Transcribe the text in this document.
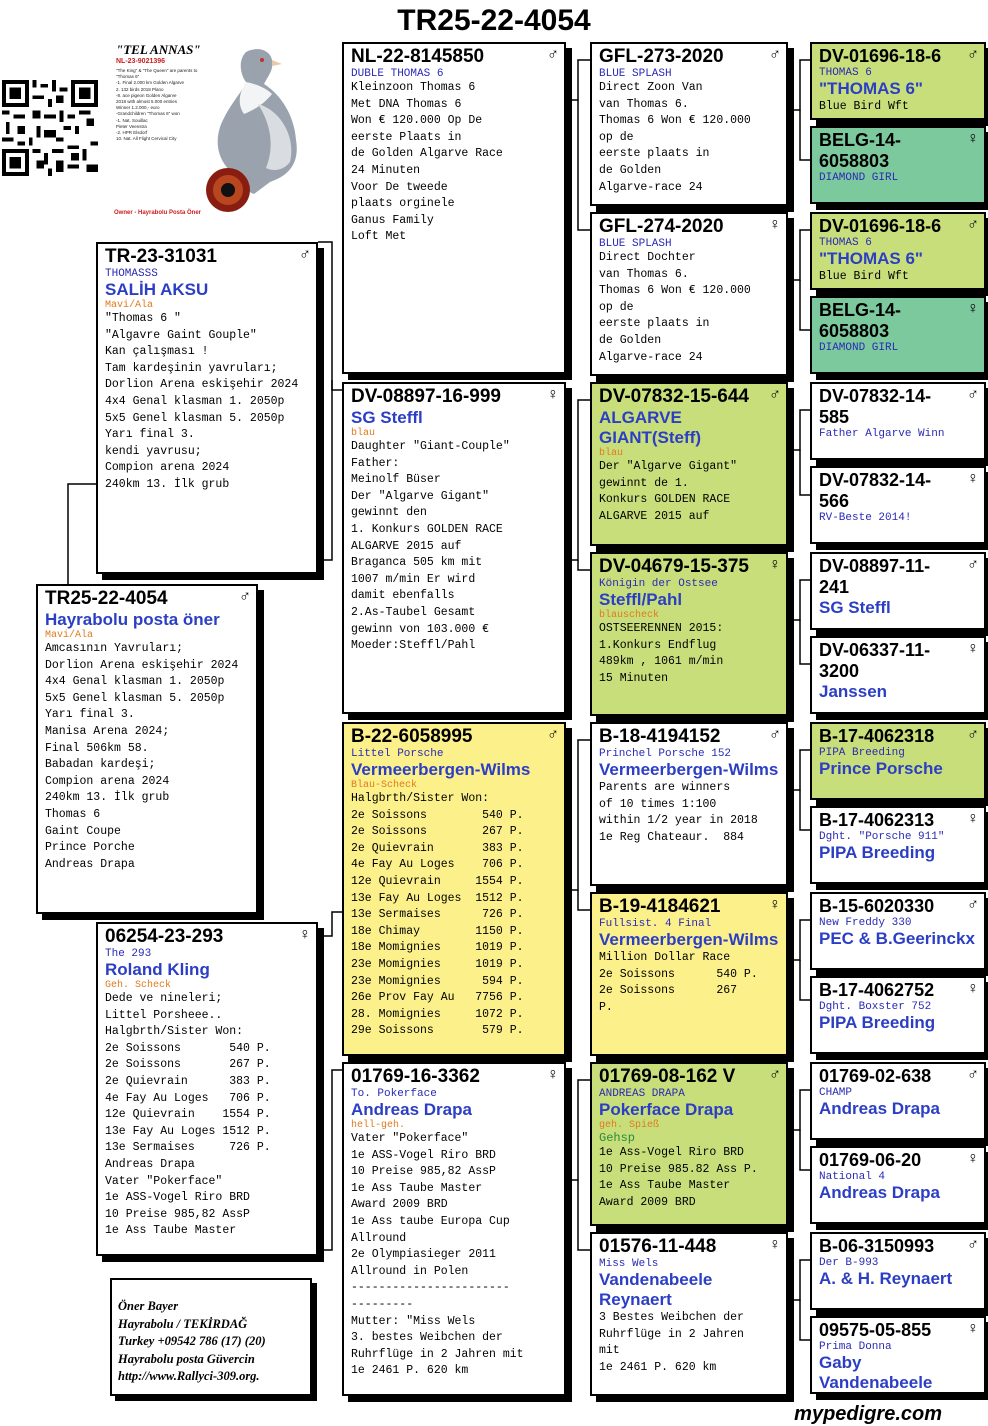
TR25-22-4054
"TEL ANNAS"
NL-23-9021396
"The King" & "The Queen" are parents to "Thomas 6"
-1. Final 2.000 km Golden Algarve
2. 132 birds 2018 Plano
-8. ace pigeon Golden Algarve
2018 with almost 5.000 entries
Winner 1.2.000,- euro
-Grandchildren "Thomas 6" won
-1. Nat. Souillac
Pieter Veenstra
-2. HPR Elsdorf
10. Nat. All Flight Cervical City
Owner - Hayrabolu Posta Öner
TR25-22-4054	♂
Hayrabolu posta öner
Mavi/Ala
Amcasının Yavruları;
Dorlion Arena eskişehir 2024
4x4 Genal klasman 1. 2050p
5x5 Genel klasman 5. 2050p
Yarı final 3.
Manisa Arena 2024;
Final 506km 58.
Babadan kardeşi;
Compion arena 2024
240km 13. İlk grub
Thomas 6
Gaint Coupe
Prince Porche
Andreas Drapa
TR-23-31031	♂
THOMASSS
SALİH AKSU
Mavi/Ala
"Thomas 6 "
"Algavre Gaint Gouple"
Kan çalışması !
Tam kardeşinin yavruları;
Dorlion Arena eskişehir 2024
4x4 Genal klasman 1. 2050p
5x5 Genel klasman 5. 2050p
Yarı final 3.
kendi yavrusu;
Compion arena 2024
240km 13. İlk grub
06254-23-293	♀
The 293
Roland Kling
Geh. Scheck
Dede ve nineleri;
Littel Porsheee..
Halgbrth/Sister Won:
2e Soissons       540 P.
2e Soissons       267 P.
2e Quievrain      383 P.
4e Fay Au Loges   706 P.
12e Quievrain    1554 P.
13e Fay Au Loges 1512 P.
13e Sermaises     726 P.
Andreas Drapa
Vater "Pokerface"
1e ASS-Vogel Riro BRD
10 Preise 985,82 AssP
1e Ass Taube Master
NL-22-8145850	♂
DUBLE THOMAS 6
Kleinzoon Thomas 6
Met DNA Thomas 6
Won € 120.000 Op De
eerste Plaats in
de Golden Algarve Race
24 Minuten
Voor De tweede
plaats orginele
Ganus Family
Loft Met
DV-08897-16-999	♀
SG Steffl
blau
Daughter "Giant-Couple"
Father:
Meinolf Büser
Der "Algarve Gigant"
gewinnt den
1. Konkurs GOLDEN RACE
ALGARVE 2015 auf
Braganca 505 km mit
1007 m/min Er wird
damit ebenfalls
2.As-Taubel Gesamt
gewinn von 103.000 €
Moeder:Steffl/Pahl
B-22-6058995	♂
Littel Porsche
Vermeerbergen-Wilms
Blau-Scheck
Halgbrth/Sister Won:
2e Soissons        540 P.
2e Soissons        267 P.
2e Quievrain       383 P.
4e Fay Au Loges    706 P.
12e Quievrain     1554 P.
13e Fay Au Loges  1512 P.
13e Sermaises      726 P.
18e Chimay        1150 P.
18e Momignies     1019 P.
23e Momignies     1019 P.
23e Momignies      594 P.
26e Prov Fay Au   7756 P.
28. Momignies     1072 P.
29e Soissons       579 P.
01769-16-3362	♀
To. Pokerface
Andreas Drapa
hell-geh.
Vater "Pokerface"
1e ASS-Vogel Riro BRD
10 Preise 985,82 AssP
1e Ass Taube Master
Award 2009 BRD
1e Ass taube Europa Cup
Allround
2e Olympiasieger 2011
Allround in Polen
-----------------------
---------
Mutter: "Miss Wels
3. bestes Weibchen der
Ruhrflüge in 2 Jahren mit
1e 2461 P. 620 km
GFL-273-2020	♂
BLUE SPLASH
Direct Zoon Van
van Thomas 6.
Thomas 6 Won € 120.000
op de
eerste plaats in
de Golden
Algarve-race 24
GFL-274-2020	♀
BLUE SPLASH
Direct Dochter
van Thomas 6.
Thomas 6 Won € 120.000
op de
eerste plaats in
de Golden
Algarve-race 24
DV-07832-15-644	♂
ALGARVE GIANT(Steff)
blau
Der "Algarve Gigant"
gewinnt de 1.
Konkurs GOLDEN RACE
ALGARVE 2015 auf
DV-04679-15-375	♀
Königin der Ostsee
Steffl/Pahl
blauscheck
OSTSEERENNEN 2015:
1.Konkurs Endflug
489km , 1061 m/min
15 Minuten
B-18-4194152	♂
Princhel Porsche 152
Vermeerbergen-Wilms
Parents are winners
of 10 times 1:100
within 1/2 year in 2018
1e Reg Chateaur.  884
B-19-4184621	♀
Fullsist. 4 Final
Vermeerbergen-Wilms
Million Dollar Race
2e Soissons      540 P.
2e Soissons      267
P.
01769-08-162 V	♂
ANDREAS DRAPA
Pokerface Drapa
geh. Spieß
Gehsp
1e Ass-Vogel Riro BRD
10 Preise 985.82 Ass P.
1e Ass Taube Master
Award 2009 BRD
01576-11-448	♀
Miss Wels
Vandenabeele Reynaert
3 Bestes Weibchen der
Ruhrflüge in 2 Jahren
mit
1e 2461 P. 620 km
DV-01696-18-6	♂
THOMAS 6
"THOMAS 6"
Blue Bird Wft
BELG-14-6058803
♀
DIAMOND GIRL
DV-01696-18-6	♂
THOMAS 6
"THOMAS 6"
Blue Bird Wft
BELG-14-6058803
♀
DIAMOND GIRL
DV-07832-14-585
♂
Father Algarve Winn
DV-07832-14-566
♀
RV-Beste 2014!
DV-08897-11-241
♂
SG Steffl
DV-06337-11-3200
♀
Janssen
B-17-4062318	♂
PIPA Breeding
Prince Porsche
B-17-4062313	♀
Dght. "Porsche 911"
PIPA Breeding
B-15-6020330	♂
New Freddy 330
PEC & B.Geerinckx
B-17-4062752	♀
Dght. Boxster 752
PIPA Breeding
01769-02-638	♂
CHAMP
Andreas Drapa
01769-06-20	♀
National 4
Andreas Drapa
B-06-3150993	♂
Der B-993
A. & H. Reynaert
09575-05-855	♀
Prima Donna
Gaby Vandenabeele
Öner Bayer
Hayrabolu / TEKİRDAĞ
Turkey +09542 786 (17) (20)
Hayrabolu posta Güvercin
http://www.Rallyci-309.org.
mypedigre.com
